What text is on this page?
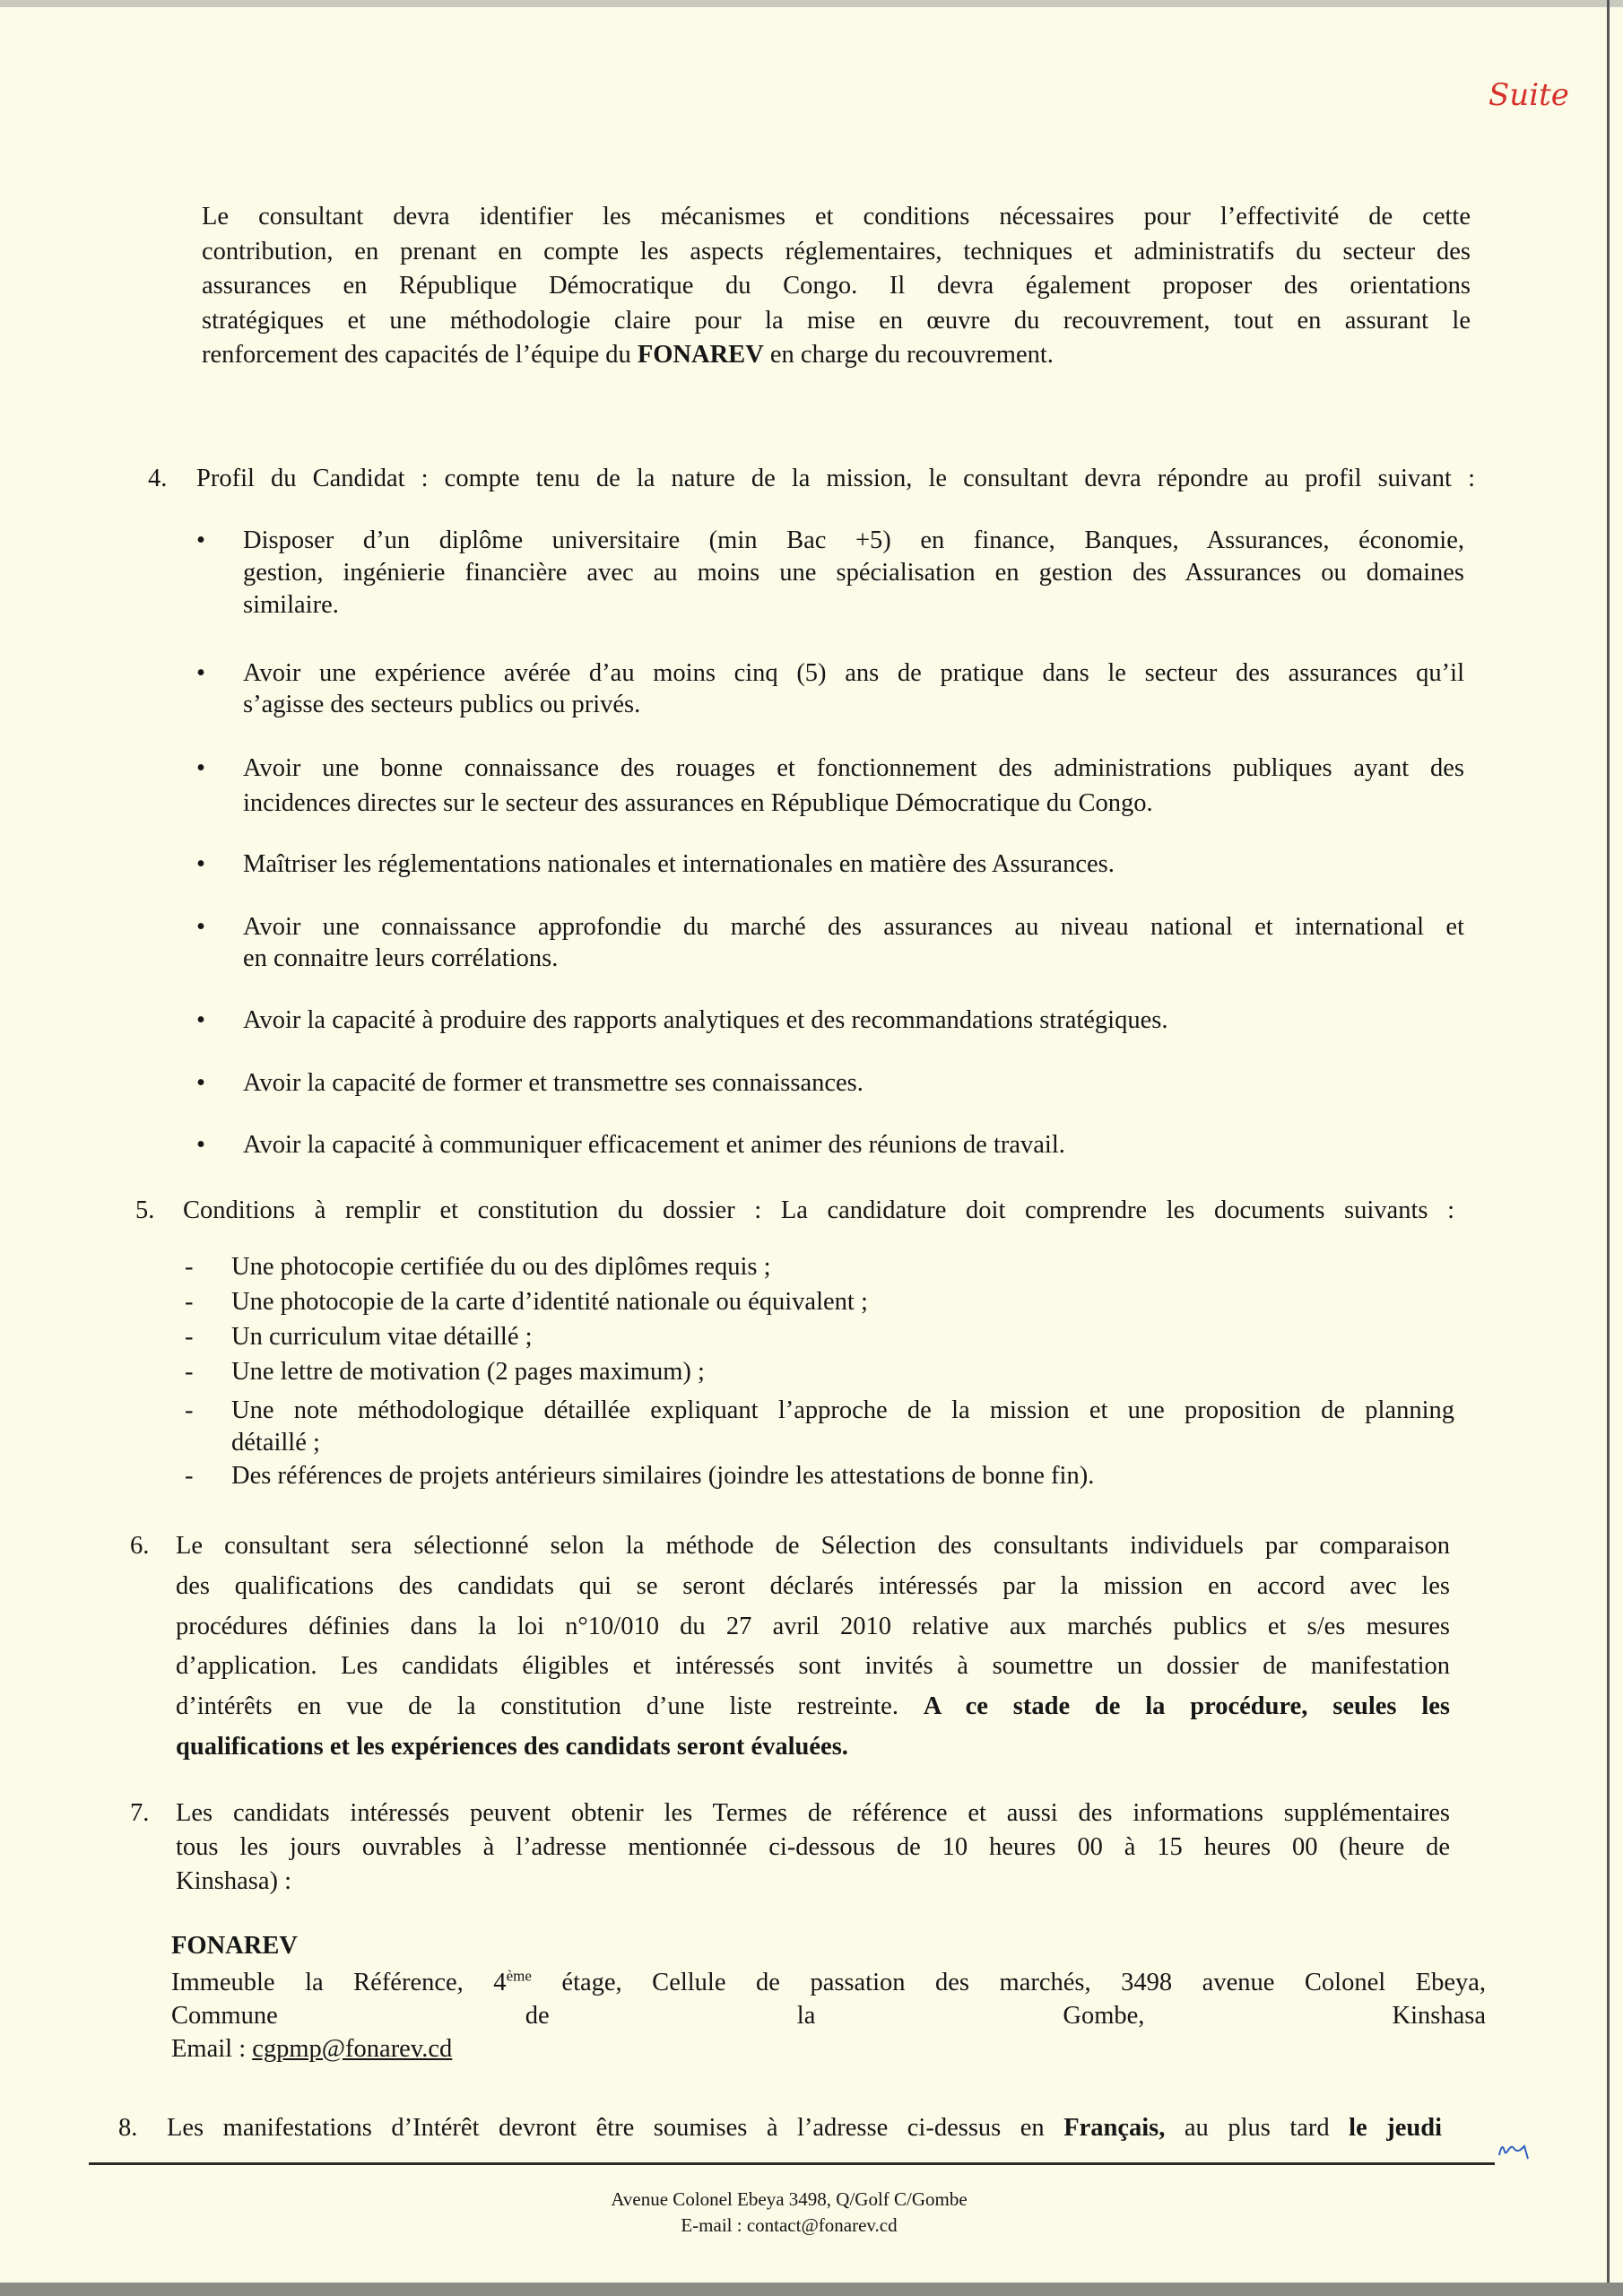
Suite
Le consultant devra identifier les mécanismes et conditions nécessaires pour l’effectivité de cette
contribution, en prenant en compte les aspects réglementaires, techniques et administratifs du secteur des
assurances en République Démocratique du Congo. Il devra également proposer des orientations
stratégiques et une méthodologie claire pour la mise en œuvre du recouvrement, tout en assurant le
renforcement des capacités de l’équipe du FONAREV en charge du recouvrement.
4. Profil du Candidat : compte tenu de la nature de la mission, le consultant devra répondre au profil suivant :
• Disposer d’un diplôme universitaire (min Bac +5) en finance, Banques, Assurances, économie,
gestion, ingénierie financière avec au moins une spécialisation en gestion des Assurances ou domaines
similaire.
• Avoir une expérience avérée d’au moins cinq (5) ans de pratique dans le secteur des assurances qu’il
s’agisse des secteurs publics ou privés.
• Avoir une bonne connaissance des rouages et fonctionnement des administrations publiques ayant des
incidences directes sur le secteur des assurances en République Démocratique du Congo.
• Maîtriser les réglementations nationales et internationales en matière des Assurances.
• Avoir une connaissance approfondie du marché des assurances au niveau national et international et
en connaitre leurs corrélations.
• Avoir la capacité à produire des rapports analytiques et des recommandations stratégiques.
• Avoir la capacité de former et transmettre ses connaissances.
• Avoir la capacité à communiquer efficacement et animer des réunions de travail.
5. Conditions à remplir et constitution du dossier : La candidature doit comprendre les documents suivants :
- Une photocopie certifiée du ou des diplômes requis ;
- Une photocopie de la carte d’identité nationale ou équivalent ;
- Un curriculum vitae détaillé ;
- Une lettre de motivation (2 pages maximum) ;
- Une note méthodologique détaillée expliquant l’approche de la mission et une proposition de planning
détaillé ;
- Des références de projets antérieurs similaires (joindre les attestations de bonne fin).
6. Le consultant sera sélectionné selon la méthode de Sélection des consultants individuels par comparaison
des qualifications des candidats qui se seront déclarés intéressés par la mission en accord avec les
procédures définies dans la loi n°10/010 du 27 avril 2010 relative aux marchés publics et s/es mesures
d’application. Les candidats éligibles et intéressés sont invités à soumettre un dossier de manifestation
d’intérêts en vue de la constitution d’une liste restreinte. A ce stade de la procédure, seules les
qualifications et les expériences des candidats seront évaluées.
7. Les candidats intéressés peuvent obtenir les Termes de référence et aussi des informations supplémentaires
tous les jours ouvrables à l’adresse mentionnée ci-dessous de 10 heures 00 à 15 heures 00 (heure de
Kinshasa) :
FONAREV
Immeuble la Référence, 4ème étage, Cellule de passation des marchés, 3498 avenue Colonel Ebeya,
Commune de la Gombe, Kinshasa
Email : cgpmp@fonarev.cd
8. Les manifestations d’Intérêt devront être soumises à l’adresse ci-dessus en Français, au plus tard le jeudi
Avenue Colonel Ebeya 3498, Q/Golf C/Gombe
E-mail : contact@fonarev.cd
